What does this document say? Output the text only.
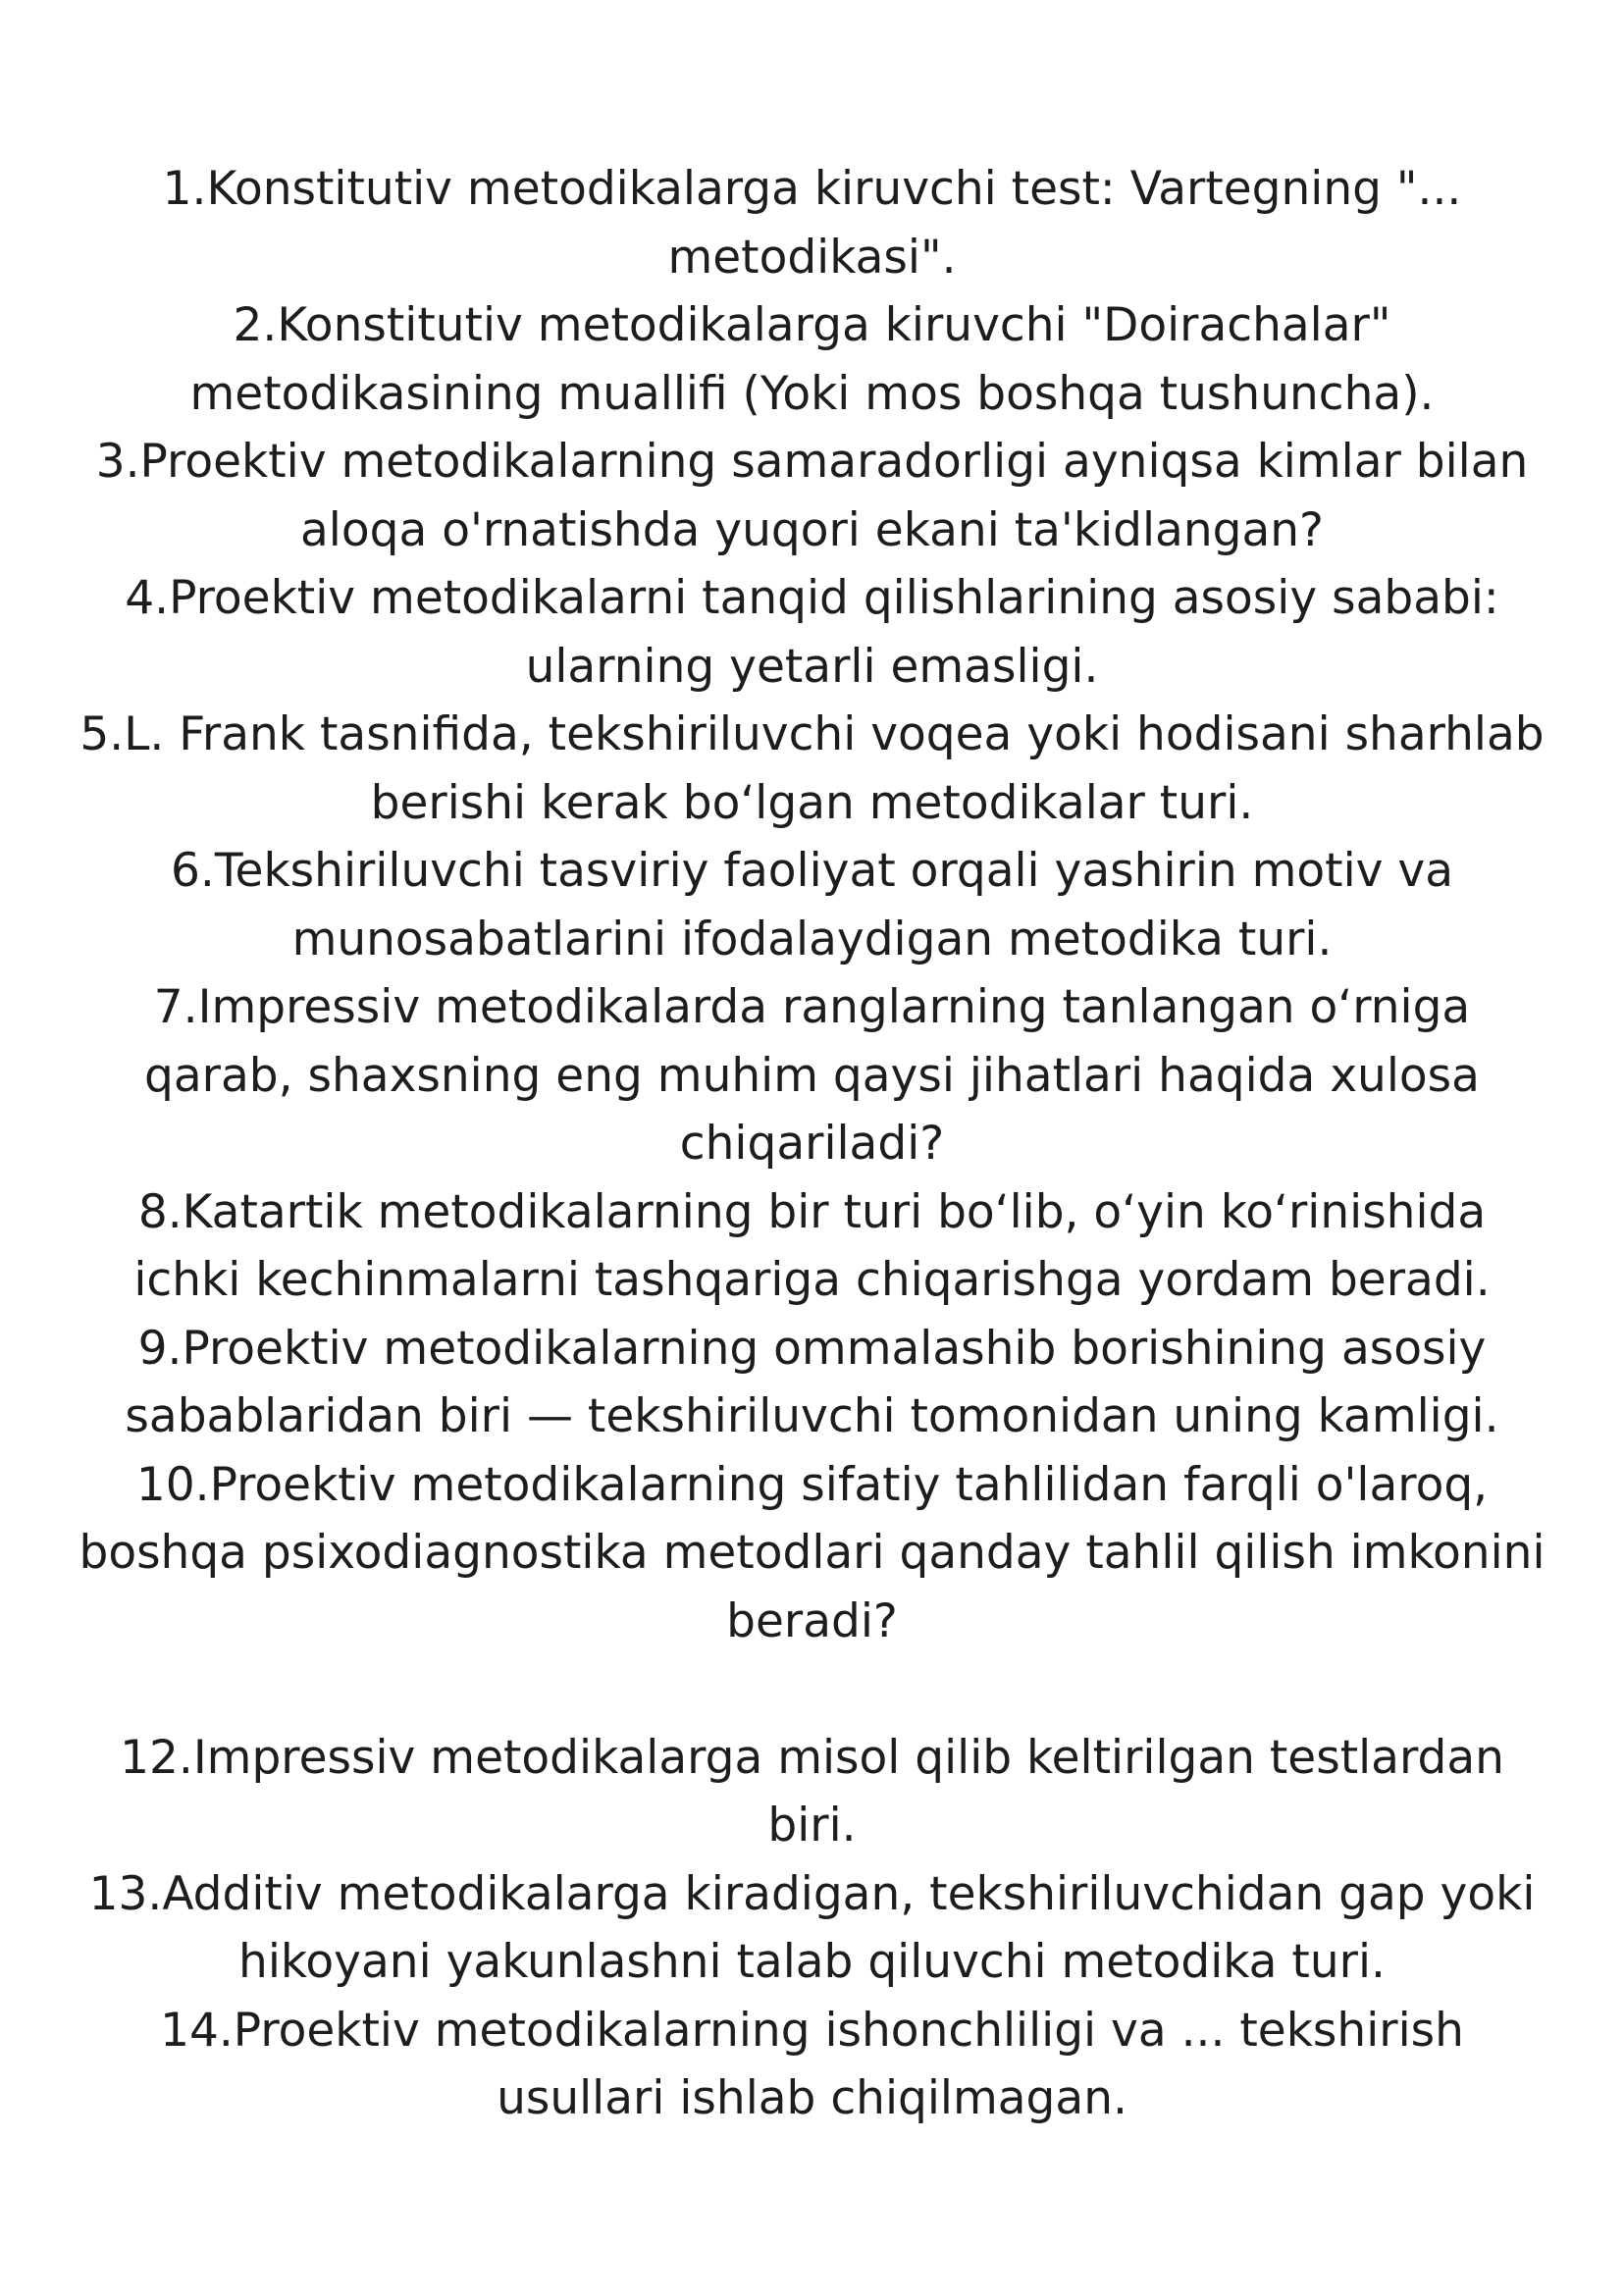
1.Konstitutiv metodikalarga kiruvchi test: Vartegning "... metodikasi".
2.Konstitutiv metodikalarga kiruvchi "Doirachalar" metodikasining muallifi (Yoki mos boshqa tushuncha).
3.Proektiv metodikalarning samaradorligi ayniqsa kimlar bilan aloqa o'rnatishda yuqori ekani ta'kidlangan?
4.Proektiv metodikalarni tanqid qilishlarining asosiy sababi: ularning yetarli emasligi.
5.L. Frank tasnifida, tekshiriluvchi voqea yoki hodisani sharhlab berishi kerak bo‘lgan metodikalar turi.
6.Tekshiriluvchi tasviriy faoliyat orqali yashirin motiv va munosabatlarini ifodalaydigan metodika turi.
7.Impressiv metodikalarda ranglarning tanlangan o‘rniga qarab, shaxsning eng muhim qaysi jihatlari haqida xulosa chiqariladi?
8.Katartik metodikalarning bir turi bo‘lib, o‘yin ko‘rinishida ichki kechinmalarni tashqariga chiqarishga yordam beradi.
9.Proektiv metodikalarning ommalashib borishining asosiy sabablaridan biri — tekshiriluvchi tomonidan uning kamligi.
10.Proektiv metodikalarning sifatiy tahlilidan farqli o'laroq, boshqa psixodiagnostika metodlari qanday tahlil qilish imkonini beradi?
12.Impressiv metodikalarga misol qilib keltirilgan testlardan biri.
13.Additiv metodikalarga kiradigan, tekshiriluvchidan gap yoki hikoyani yakunlashni talab qiluvchi metodika turi.
14.Proektiv metodikalarning ishonchliligi va ... tekshirish usullari ishlab chiqilmagan.
